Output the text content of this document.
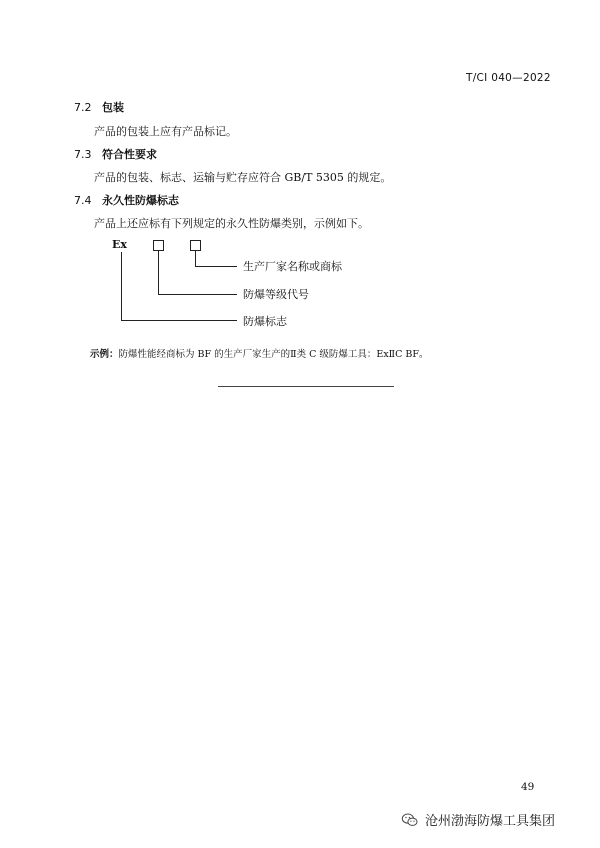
T/CI 040—2022
7.2 包装
产品的包装上应有产品标记。
7.3 符合性要求
产品的包装、标志、运输与贮存应符合 GB/T 5305 的规定。
7.4 永久性防爆标志
产品上还应标有下列规定的永久性防爆类别，示例如下。
Ex
生产厂家名称或商标
防爆等级代号
防爆标志
示例：防爆性能经商标为 BF 的生产厂家生产的Ⅱ类 C 级防爆工具：ExⅡC BF。
49
沧州渤海防爆工具集团
